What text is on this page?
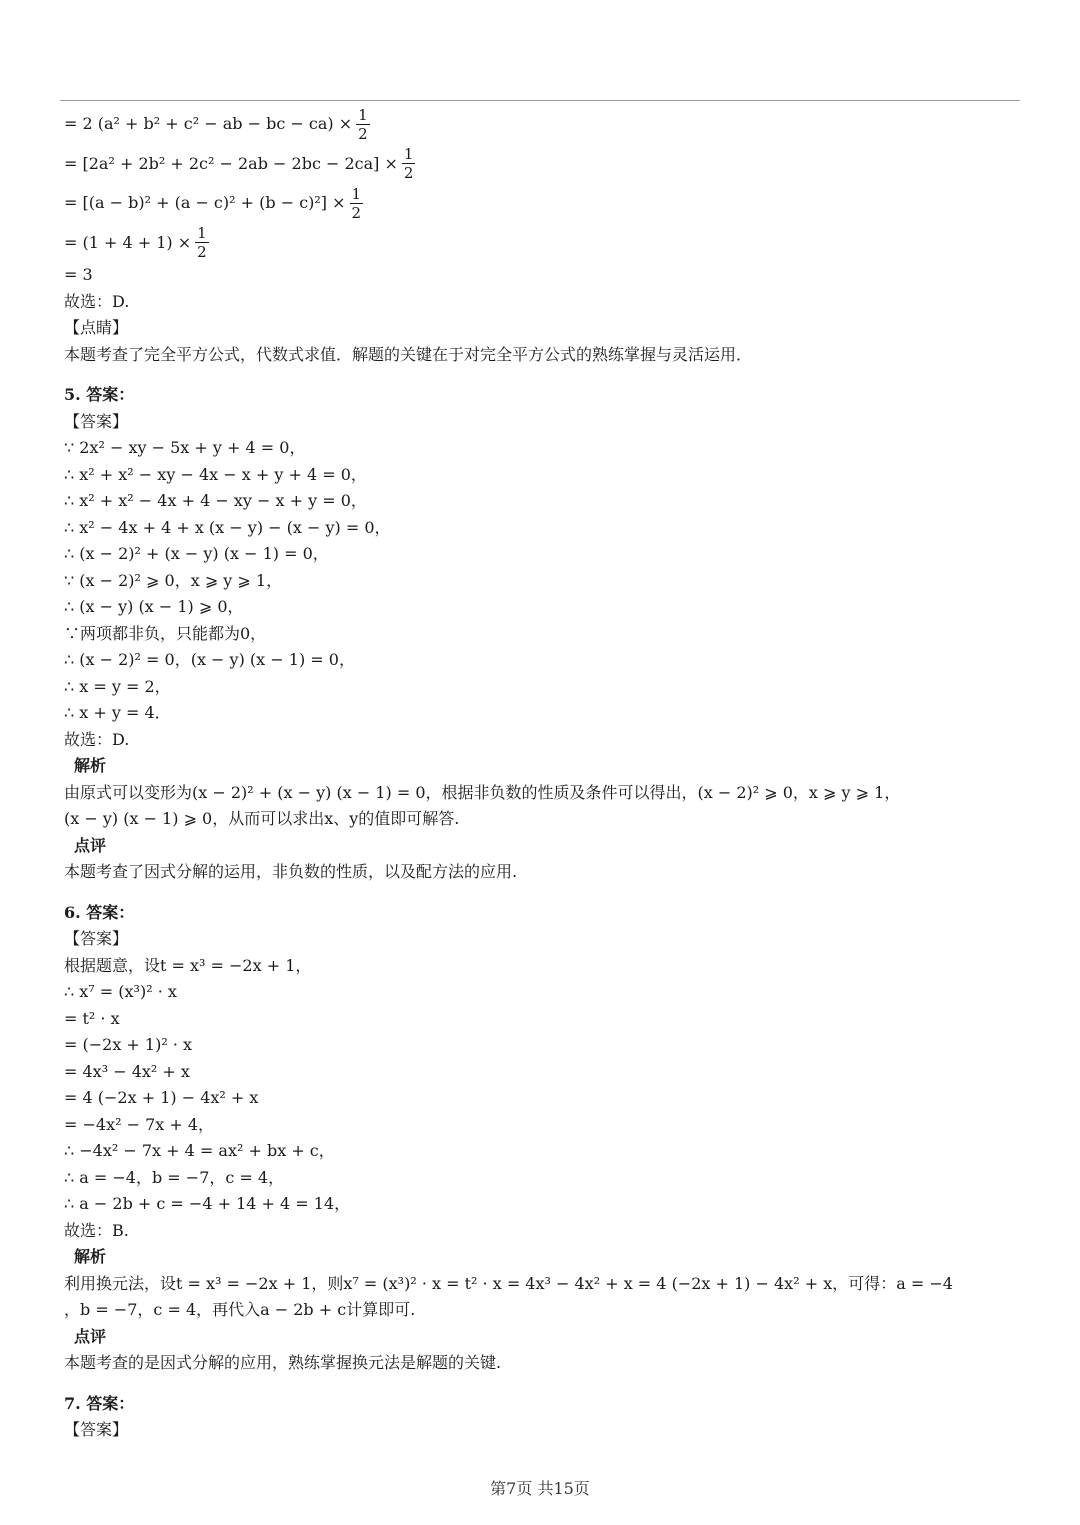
= 2 (a² + b² + c² − ab − bc − $ca) \times \frac{1}{2}$
= $[2a^2 + 2b^2 + 2c^2 - 2ab - 2bc - 2ca] \times \frac{1}{2}$
= $[(a - b)^2 + (a - c)^2 + (b - c)^2] \times \frac{1}{2}$
= $(1 + 4 + 1) \times \frac{1}{2}$
= 3
故选：D.
【点睛】
本题考查了完全平方公式，代数式求值．解题的关键在于对完全平方公式的熟练掌握与灵活运用．
5. 答案：
【答案】
∵ 2x² − xy − 5x + y + 4 = 0，
∴ x² + x² − xy − 4x − x + y + 4 = 0，
∴ x² + x² − 4x + 4 − xy − x + y = 0，
∴ x² − 4x + 4 + x (x − y) − (x − y) = 0，
∴ (x − 2)² + (x − y) (x − 1) = 0，
∵ (x − 2)² ⩾ 0，x ⩾ y ⩾ 1，
∴ (x − y) (x − 1) ⩾ 0，
∵两项都非负，只能都为0，
∴ (x − 2)² = 0，(x − y) (x − 1) = 0，
∴ x = y = 2，
∴ x + y = 4．
故选：D.
解析
由原式可以变形为(x − 2)² + (x − y) (x − 1) = 0，根据非负数的性质及条件可以得出，(x − 2)² ⩾ 0，x ⩾ y ⩾ 1，
(x − y) (x − 1) ⩾ 0，从而可以求出x、y的值即可解答.
点评
本题考查了因式分解的运用，非负数的性质，以及配方法的应用.
6. 答案：
【答案】
根据题意，设t = x³ = −2x + 1，
∴ x⁷ = (x³)² · x
= t² · x
= (−2x + 1)² · x
= 4x³ − 4x² + x
= 4 (−2x + 1) − 4x² + x
= −4x² − 7x + 4，
∴ −4x² − 7x + 4 = ax² + bx + c，
∴ a = −4，b = −7，c = 4，
∴ a − 2b + c = −4 + 14 + 4 = 14，
故选：B.
解析
利用换元法，设t = x³ = −2x + 1，则x⁷ = (x³)² · x = t² · x = 4x³ − 4x² + x = 4 (−2x + 1) − 4x² + x，可得：a = −4
，b = −7，c = 4，再代入a − 2b + c计算即可.
点评
本题考查的是因式分解的应用，熟练掌握换元法是解题的关键.
7. 答案：
【答案】
第7页 共15页
